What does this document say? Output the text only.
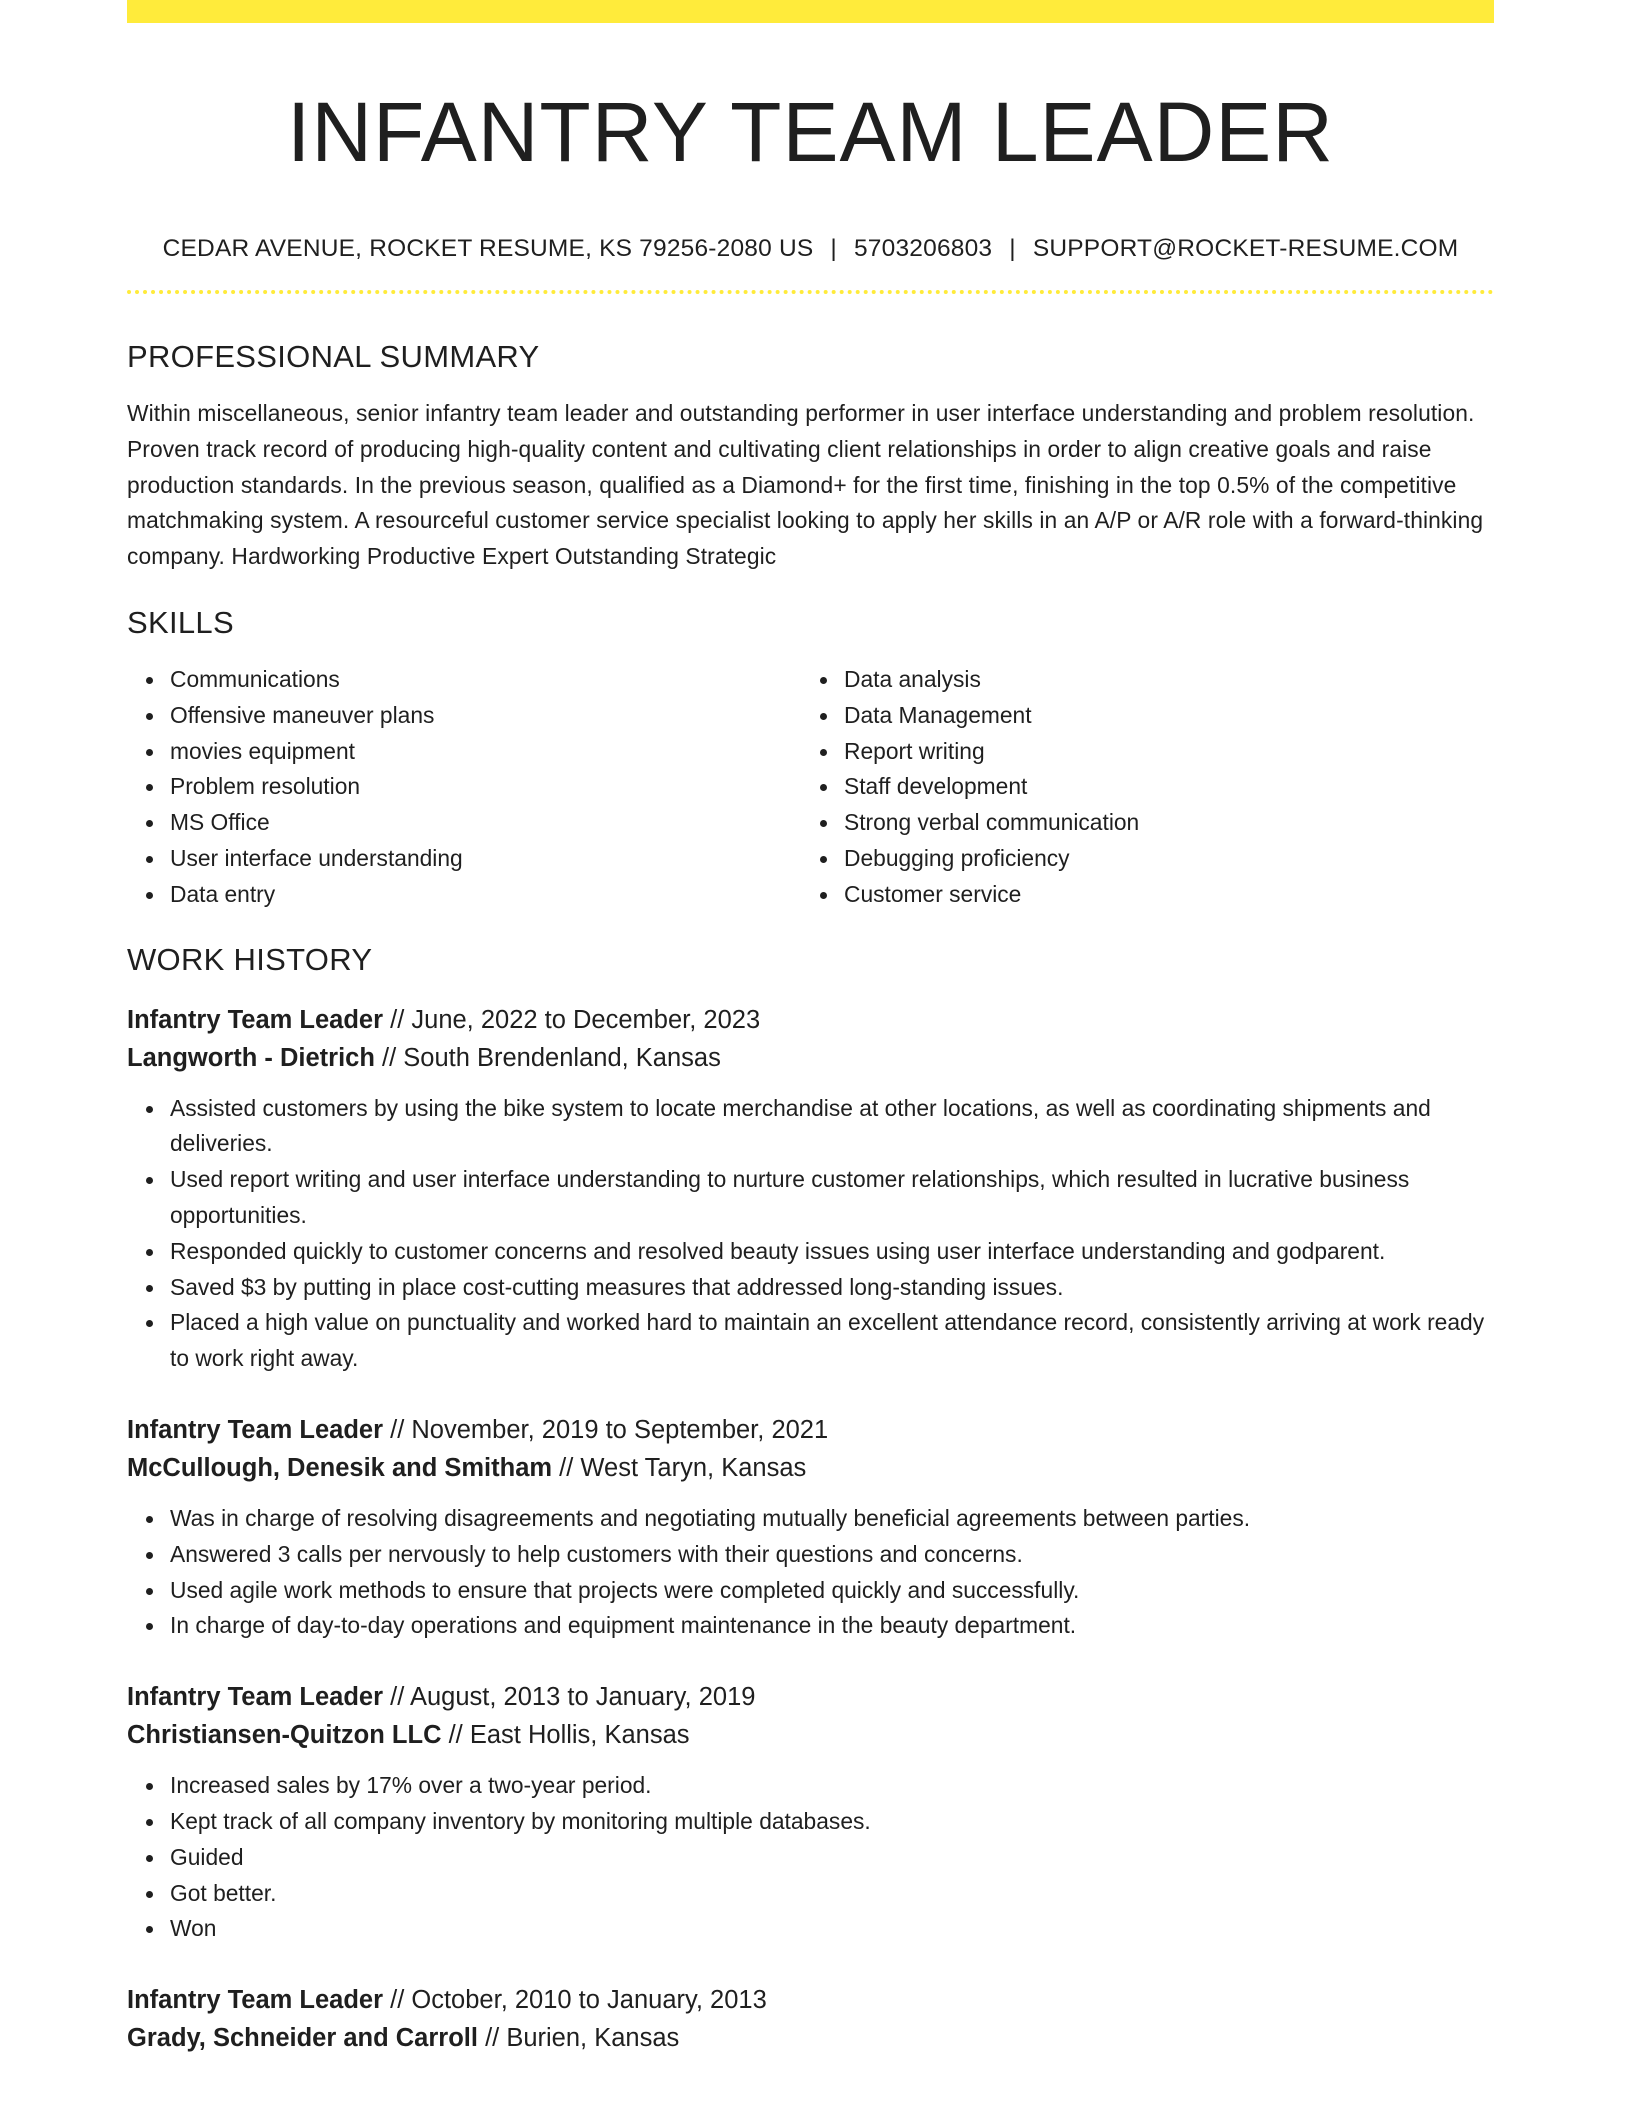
INFANTRY TEAM LEADER
CEDAR AVENUE, ROCKET RESUME, KS 79256-2080 US | 5703206803 | SUPPORT@ROCKET-RESUME.COM
PROFESSIONAL SUMMARY

Within miscellaneous, senior infantry team leader and outstanding performer in user interface understanding and problem resolution. Proven track record of producing high-quality content and cultivating client relationships in order to align creative goals and raise production standards. In the previous season, qualified as a Diamond+ for the first time, finishing in the top 0.5% of the competitive matchmaking system. A resourceful customer service specialist looking to apply her skills in an A/P or A/R role with a forward-thinking company. Hardworking Productive Expert Outstanding Strategic

SKILLS
Communications
Offensive maneuver plans
movies equipment
Problem resolution
MS Office
User interface understanding
Data entry
Data analysis
Data Management
Report writing
Staff development
Strong verbal communication
Debugging proficiency
Customer service
WORK HISTORY
Infantry Team Leader // June, 2022 to December, 2023
Langworth - Dietrich // South Brendenland, Kansas
Assisted customers by using the bike system to locate merchandise at other locations, as well as coordinating shipments and deliveries.
Used report writing and user interface understanding to nurture customer relationships, which resulted in lucrative business opportunities.
Responded quickly to customer concerns and resolved beauty issues using user interface understanding and godparent.
Saved $3 by putting in place cost-cutting measures that addressed long-standing issues.
Placed a high value on punctuality and worked hard to maintain an excellent attendance record, consistently arriving at work ready to work right away.
Infantry Team Leader // November, 2019 to September, 2021
McCullough, Denesik and Smitham // West Taryn, Kansas
Was in charge of resolving disagreements and negotiating mutually beneficial agreements between parties.
Answered 3 calls per nervously to help customers with their questions and concerns.
Used agile work methods to ensure that projects were completed quickly and successfully.
In charge of day-to-day operations and equipment maintenance in the beauty department.
Infantry Team Leader // August, 2013 to January, 2019
Christiansen-Quitzon LLC // East Hollis, Kansas
Increased sales by 17% over a two-year period.
Kept track of all company inventory by monitoring multiple databases.
Guided
Got better.
Won
Infantry Team Leader // October, 2010 to January, 2013
Grady, Schneider and Carroll // Burien, Kansas
